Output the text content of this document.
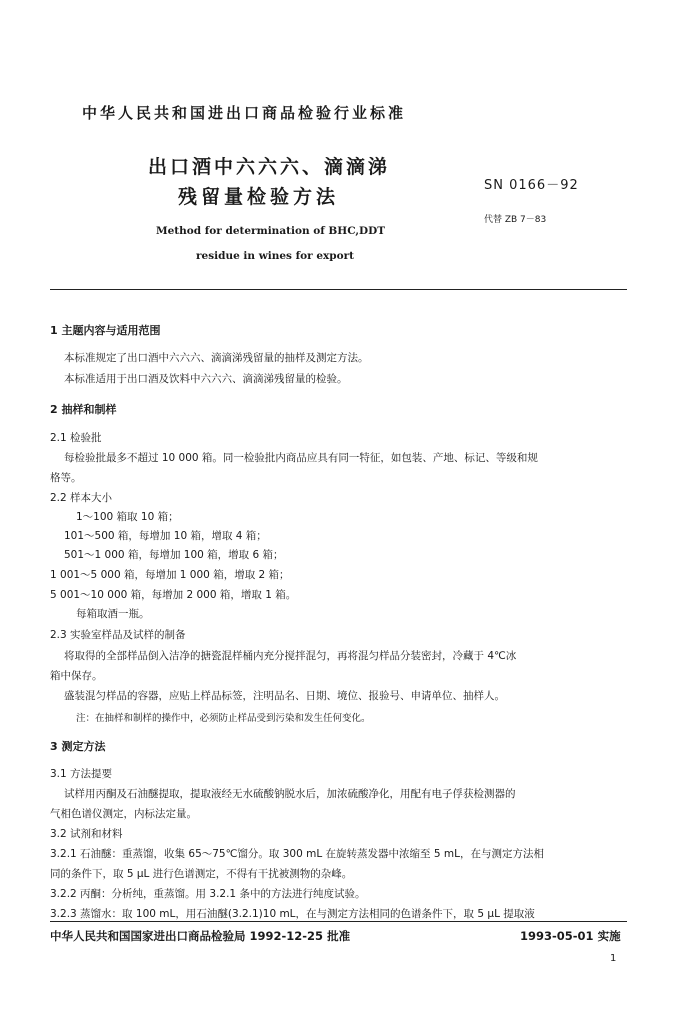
中华人民共和国进出口商品检验行业标准
出口酒中六六六、滴滴涕
残留量检验方法
Method for determination of BHC,DDT
residue in wines for export
SN 0166－92
代替 ZB 7－83
1 主题内容与适用范围
本标准规定了出口酒中六六六、滴滴涕残留量的抽样及测定方法。
本标准适用于出口酒及饮料中六六六、滴滴涕残留量的检验。
2 抽样和制样
2.1 检验批
每检验批最多不超过 10 000 箱。同一检验批内商品应具有同一特征，如包装、产地、标记、等级和规
格等。
2.2 样本大小
1～100 箱取 10 箱；
101～500 箱，每增加 10 箱，增取 4 箱；
501～1 000 箱，每增加 100 箱，增取 6 箱；
1 001～5 000 箱，每增加 1 000 箱，增取 2 箱；
5 001～10 000 箱，每增加 2 000 箱，增取 1 箱。
每箱取酒一瓶。
2.3 实验室样品及试样的制备
将取得的全部样品倒入洁净的搪瓷混样桶内充分搅拌混匀，再将混匀样品分装密封，冷藏于 4℃冰
箱中保存。
盛装混匀样品的容器，应贴上样品标签，注明品名、日期、境位、报验号、申请单位、抽样人。
注：在抽样和制样的操作中，必须防止样品受到污染和发生任何变化。
3 测定方法
3.1 方法提要
试样用丙酮及石油醚提取，提取液经无水硫酸钠脱水后，加浓硫酸净化，用配有电子俘获检测器的
气相色谱仪测定，内标法定量。
3.2 试剂和材料
3.2.1 石油醚：重蒸馏，收集 65～75℃馏分。取 300 mL 在旋转蒸发器中浓缩至 5 mL，在与测定方法相
同的条件下，取 5 μL 进行色谱测定，不得有干扰被测物的杂峰。
3.2.2 丙酮：分析纯，重蒸馏。用 3.2.1 条中的方法进行纯度试验。
3.2.3 蒸馏水：取 100 mL，用石油醚(3.2.1)10 mL，在与测定方法相同的色谱条件下，取 5 μL 提取液
中华人民共和国国家进出口商品检验局 1992-12-25 批准	1993-05-01 实施
1
